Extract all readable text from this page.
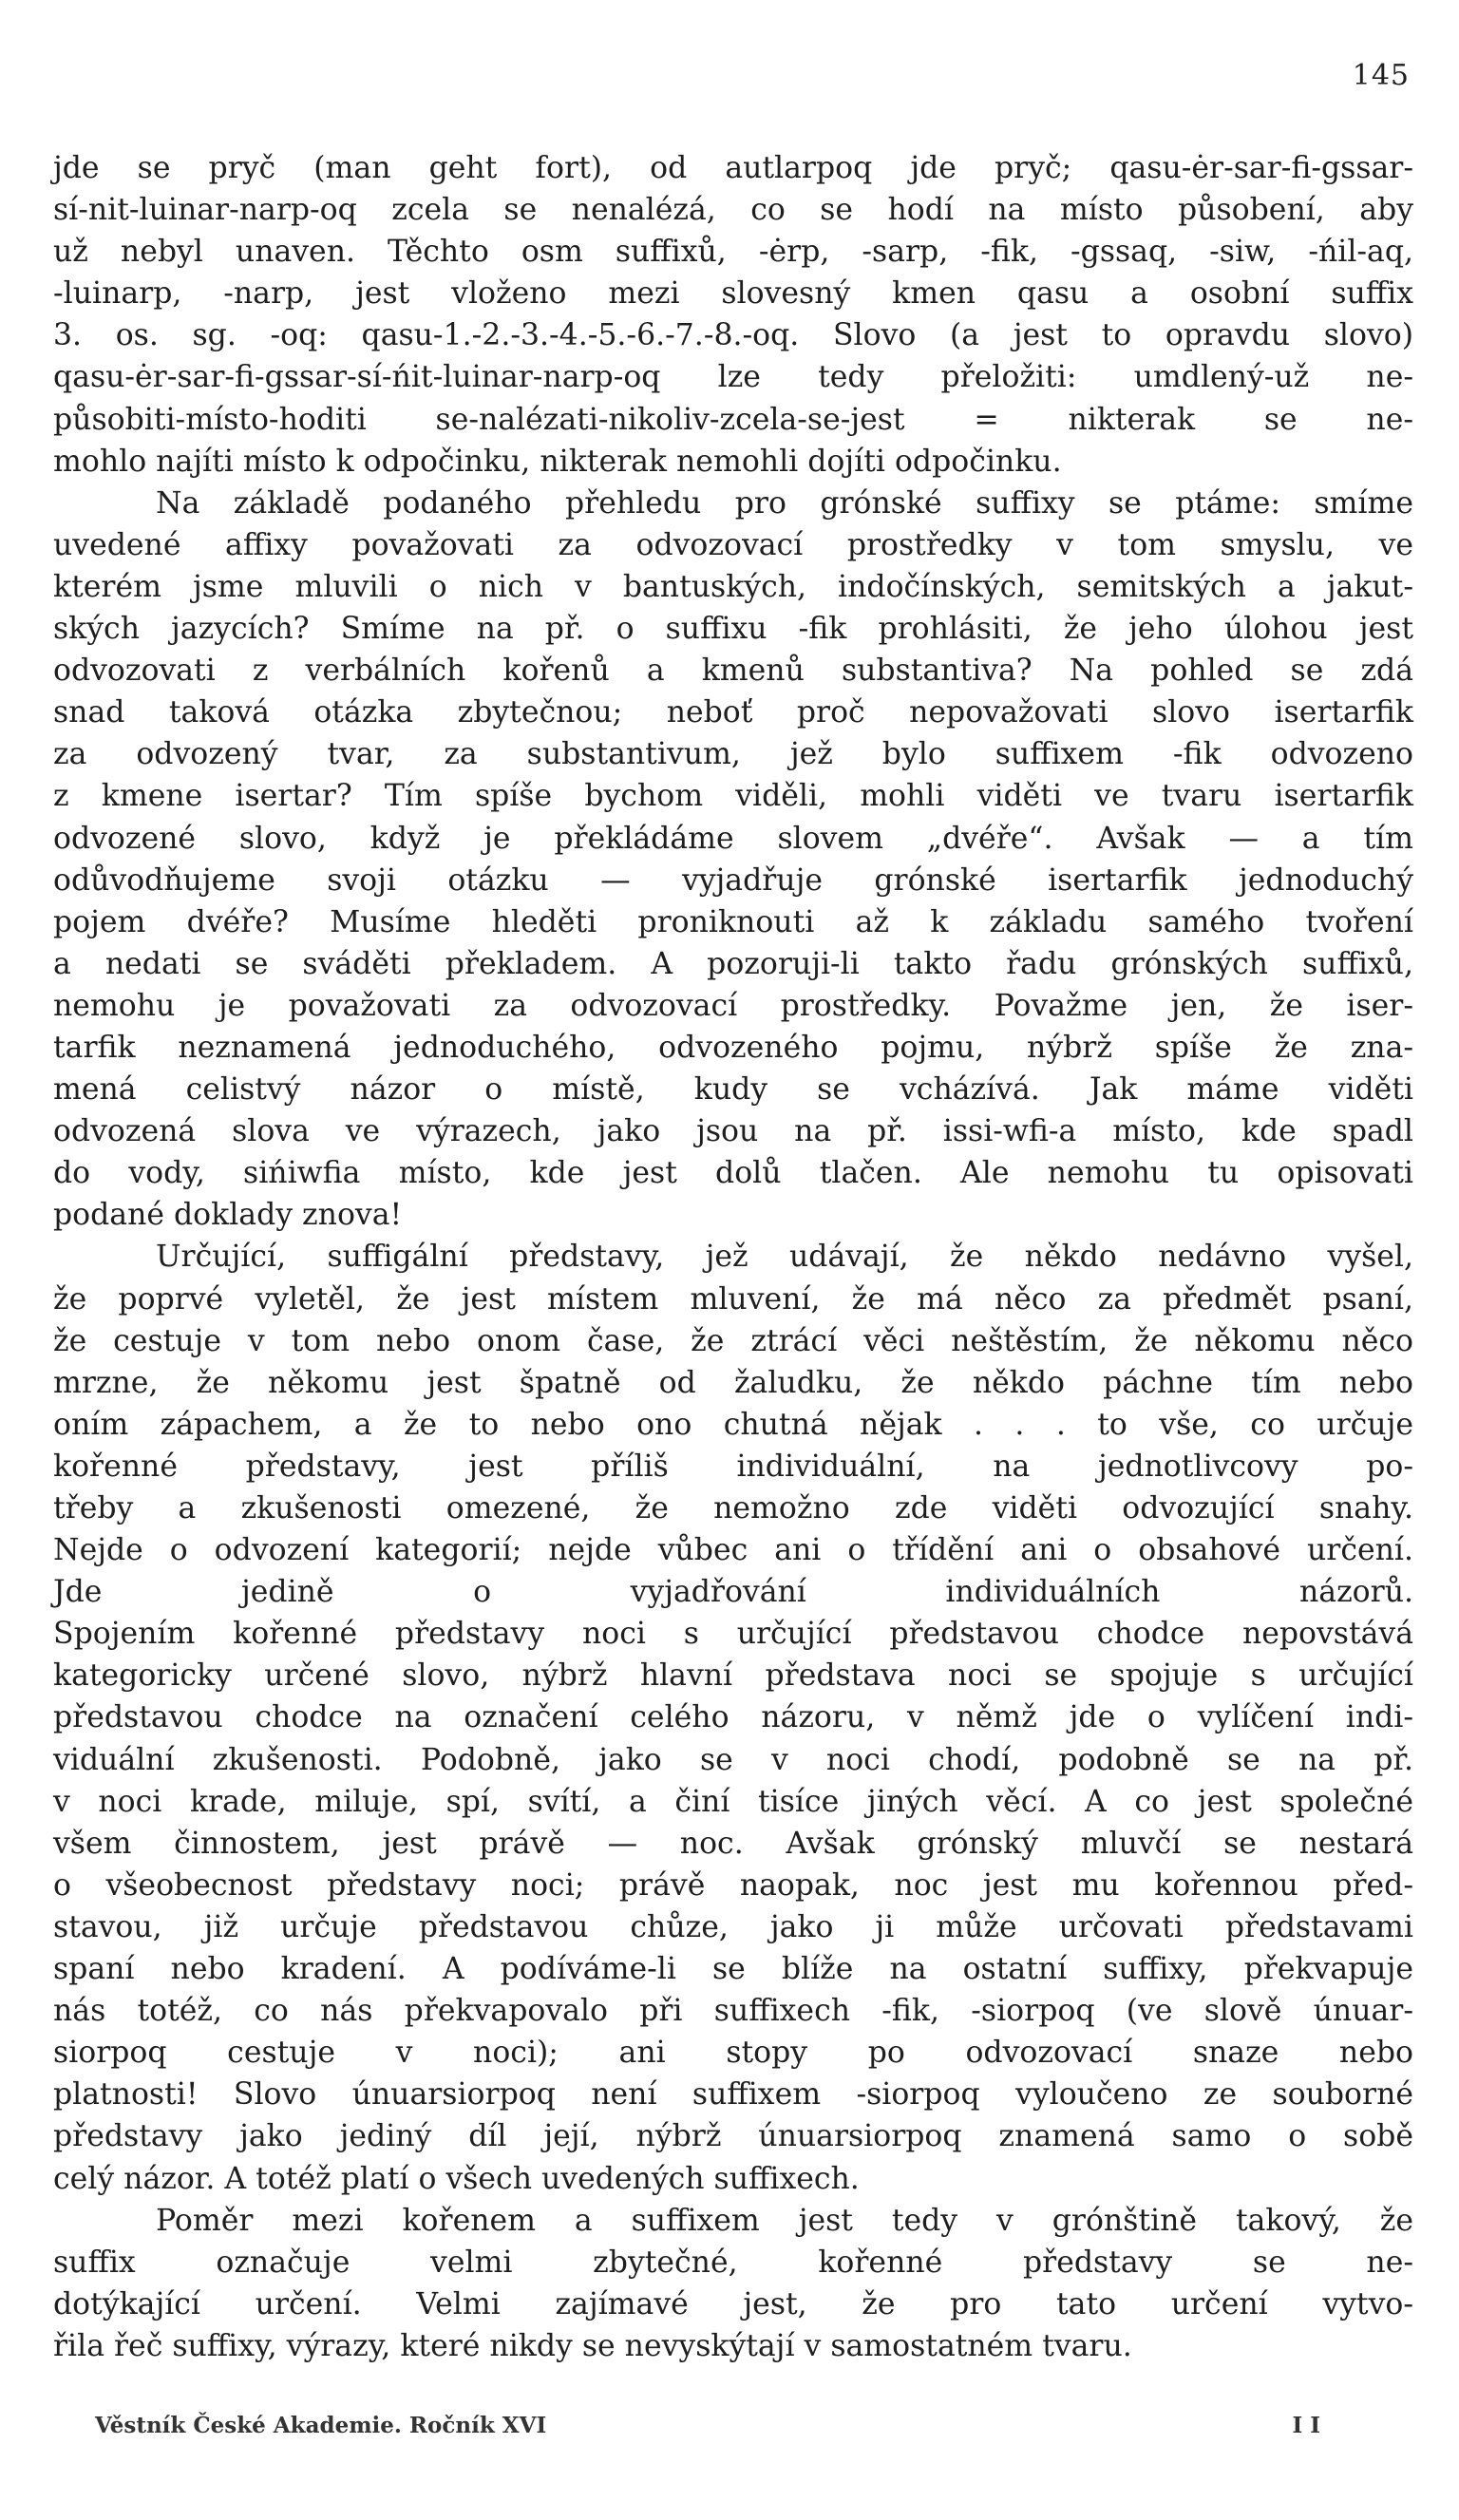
145
jde se pryč (man geht fort), od autlarpoq jde pryč; qasu-ėr-sar-fi-gssar-
sí-nit-luinar-narp-oq zcela se nenalézá, co se hodí na místo působení, aby
už nebyl unaven. Těchto osm suffixů, -ėrp, -sarp, -fik, -gssaq, -siw, -ńil-aq,
-luinarp, -narp, jest vloženo mezi slovesný kmen qasu a osobní suffix
3. os. sg. -oq: qasu-1.-2.-3.-4.-5.-6.-7.-8.-oq. Slovo (a jest to opravdu slovo)
qasu-ėr-sar-fi-gssar-sí-ńit-luinar-narp-oq lze tedy přeložiti: umdlený-už ne-
působiti-místo-hoditi se-nalézati-nikoliv-zcela-se-jest = nikterak se ne-
mohlo najíti místo k odpočinku, nikterak nemohli dojíti odpočinku.
Na základě podaného přehledu pro grónské suffixy se ptáme: smíme
uvedené affixy považovati za odvozovací prostředky v tom smyslu, ve
kterém jsme mluvili o nich v bantuských, indočínských, semitských a jakut-
ských jazycích? Smíme na př. o suffixu -fik prohlásiti, že jeho úlohou jest
odvozovati z verbálních kořenů a kmenů substantiva? Na pohled se zdá
snad taková otázka zbytečnou; neboť proč nepovažovati slovo isertarfik
za odvozený tvar, za substantivum, jež bylo suffixem -fik odvozeno
z kmene isertar? Tím spíše bychom viděli, mohli viděti ve tvaru isertarfik
odvozené slovo, když je překládáme slovem „dvéře“. Avšak — a tím
odůvodňujeme svoji otázku — vyjadřuje grónské isertarfik jednoduchý
pojem dvéře? Musíme hleděti proniknouti až k základu samého tvoření
a nedati se sváděti překladem. A pozoruji-li takto řadu grónských suffixů,
nemohu je považovati za odvozovací prostředky. Považme jen, že iser-
tarfik neznamená jednoduchého, odvozeného pojmu, nýbrž spíše že zna-
mená celistvý názor o místě, kudy se vcházívá. Jak máme viděti
odvozená slova ve výrazech, jako jsou na př. issi-wfi-a místo, kde spadl
do vody, sińiwfia místo, kde jest dolů tlačen. Ale nemohu tu opisovati
podané doklady znova!
Určující, suffigální představy, jež udávají, že někdo nedávno vyšel,
že poprvé vyletěl, že jest místem mluvení, že má něco za předmět psaní,
že cestuje v tom nebo onom čase, že ztrácí věci neštěstím, že někomu něco
mrzne, že někomu jest špatně od žaludku, že někdo páchne tím nebo
oním zápachem, a že to nebo ono chutná nějak . . . to vše, co určuje
kořenné představy, jest příliš individuální, na jednotlivcovy po-
třeby a zkušenosti omezené, že nemožno zde viděti odvozující snahy.
Nejde o odvození kategorií; nejde vůbec ani o třídění ani o obsahové určení.
Jde jedině o vyjadřování individuálních názorů.
Spojením kořenné představy noci s určující představou chodce nepovstává
kategoricky určené slovo, nýbrž hlavní představa noci se spojuje s určující
představou chodce na označení celého názoru, v němž jde o vylíčení indi-
viduální zkušenosti. Podobně, jako se v noci chodí, podobně se na př.
v noci krade, miluje, spí, svítí, a činí tisíce jiných věcí. A co jest společné
všem činnostem, jest právě — noc. Avšak grónský mluvčí se nestará
o všeobecnost představy noci; právě naopak, noc jest mu kořennou před-
stavou, již určuje představou chůze, jako ji může určovati představami
spaní nebo kradení. A podíváme-li se blíže na ostatní suffixy, překvapuje
nás totéž, co nás překvapovalo při suffixech -fik, -siorpoq (ve slově únuar-
siorpoq cestuje v noci); ani stopy po odvozovací snaze nebo
platnosti! Slovo únuarsiorpoq není suffixem -siorpoq vyloučeno ze souborné
představy jako jediný díl její, nýbrž únuarsiorpoq znamená samo o sobě
celý názor. A totéž platí o všech uvedených suffixech.
Poměr mezi kořenem a suffixem jest tedy v grónštině takový, že
suffix označuje velmi zbytečné, kořenné představy se ne-
dotýkající určení. Velmi zajímavé jest, že pro tato určení vytvo-
řila řeč suffixy, výrazy, které nikdy se nevyskýtají v samostatném tvaru.
Věstník České Akademie. Ročník XVI	I I
